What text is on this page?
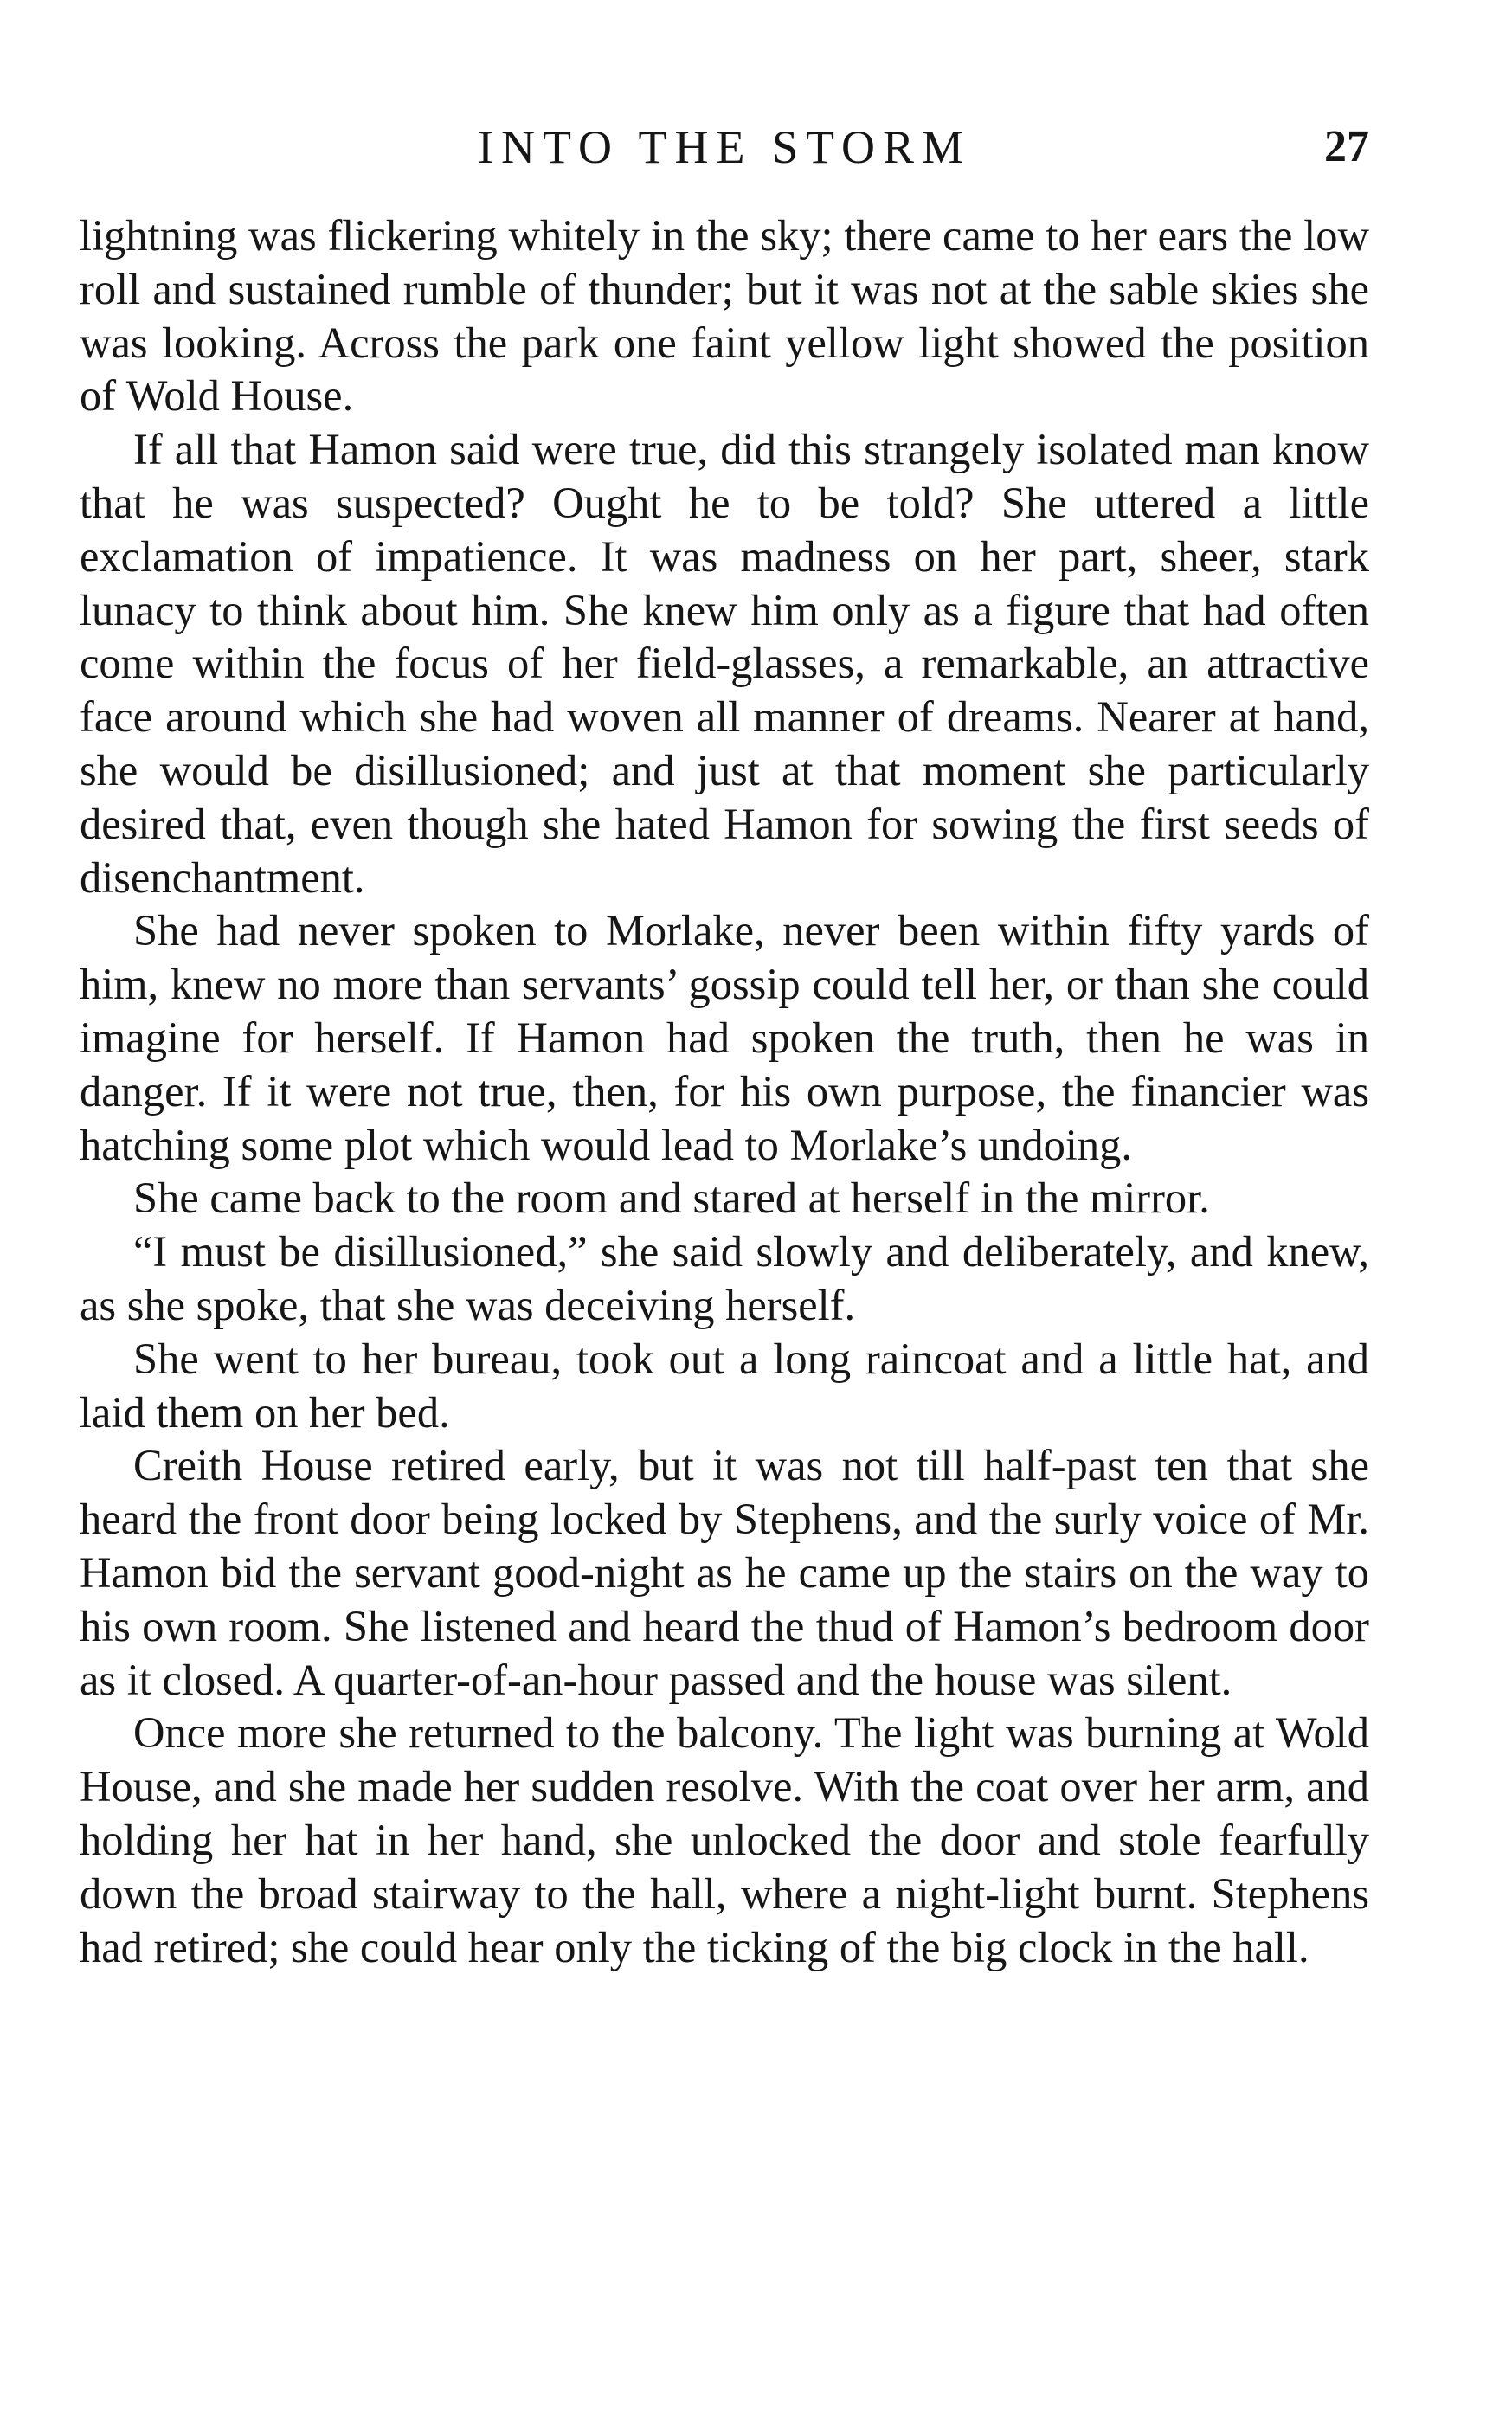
INTO THE STORM	27

lightning was flickering whitely in the sky; there came to her ears the low roll and sustained rumble of thunder; but it was not at the sable skies she was looking. Across the park one faint yellow light showed the position of Wold House.

If all that Hamon said were true, did this strangely isolated man know that he was suspected? Ought he to be told? She uttered a little exclamation of impatience. It was madness on her part, sheer, stark lunacy to think about him. She knew him only as a figure that had often come within the focus of her field-glasses, a remarkable, an attractive face around which she had woven all manner of dreams. Nearer at hand, she would be disillusioned; and just at that moment she particularly desired that, even though she hated Hamon for sowing the first seeds of disenchantment.

She had never spoken to Morlake, never been within fifty yards of him, knew no more than servants’ gossip could tell her, or than she could imagine for herself. If Hamon had spoken the truth, then he was in danger. If it were not true, then, for his own purpose, the financier was hatching some plot which would lead to Morlake’s undoing.

She came back to the room and stared at herself in the mirror.

“I must be disillusioned,” she said slowly and deliberately, and knew, as she spoke, that she was deceiving herself.

She went to her bureau, took out a long raincoat and a little hat, and laid them on her bed.

Creith House retired early, but it was not till half-past ten that she heard the front door being locked by Stephens, and the surly voice of Mr. Hamon bid the servant good-night as he came up the stairs on the way to his own room. She listened and heard the thud of Hamon’s bedroom door as it closed. A quarter-of-an-hour passed and the house was silent.

Once more she returned to the balcony. The light was burning at Wold House, and she made her sudden resolve. With the coat over her arm, and holding her hat in her hand, she unlocked the door and stole fearfully down the broad stairway to the hall, where a night-light burnt. Stephens had retired; she could hear only the ticking of the big clock in the hall.
